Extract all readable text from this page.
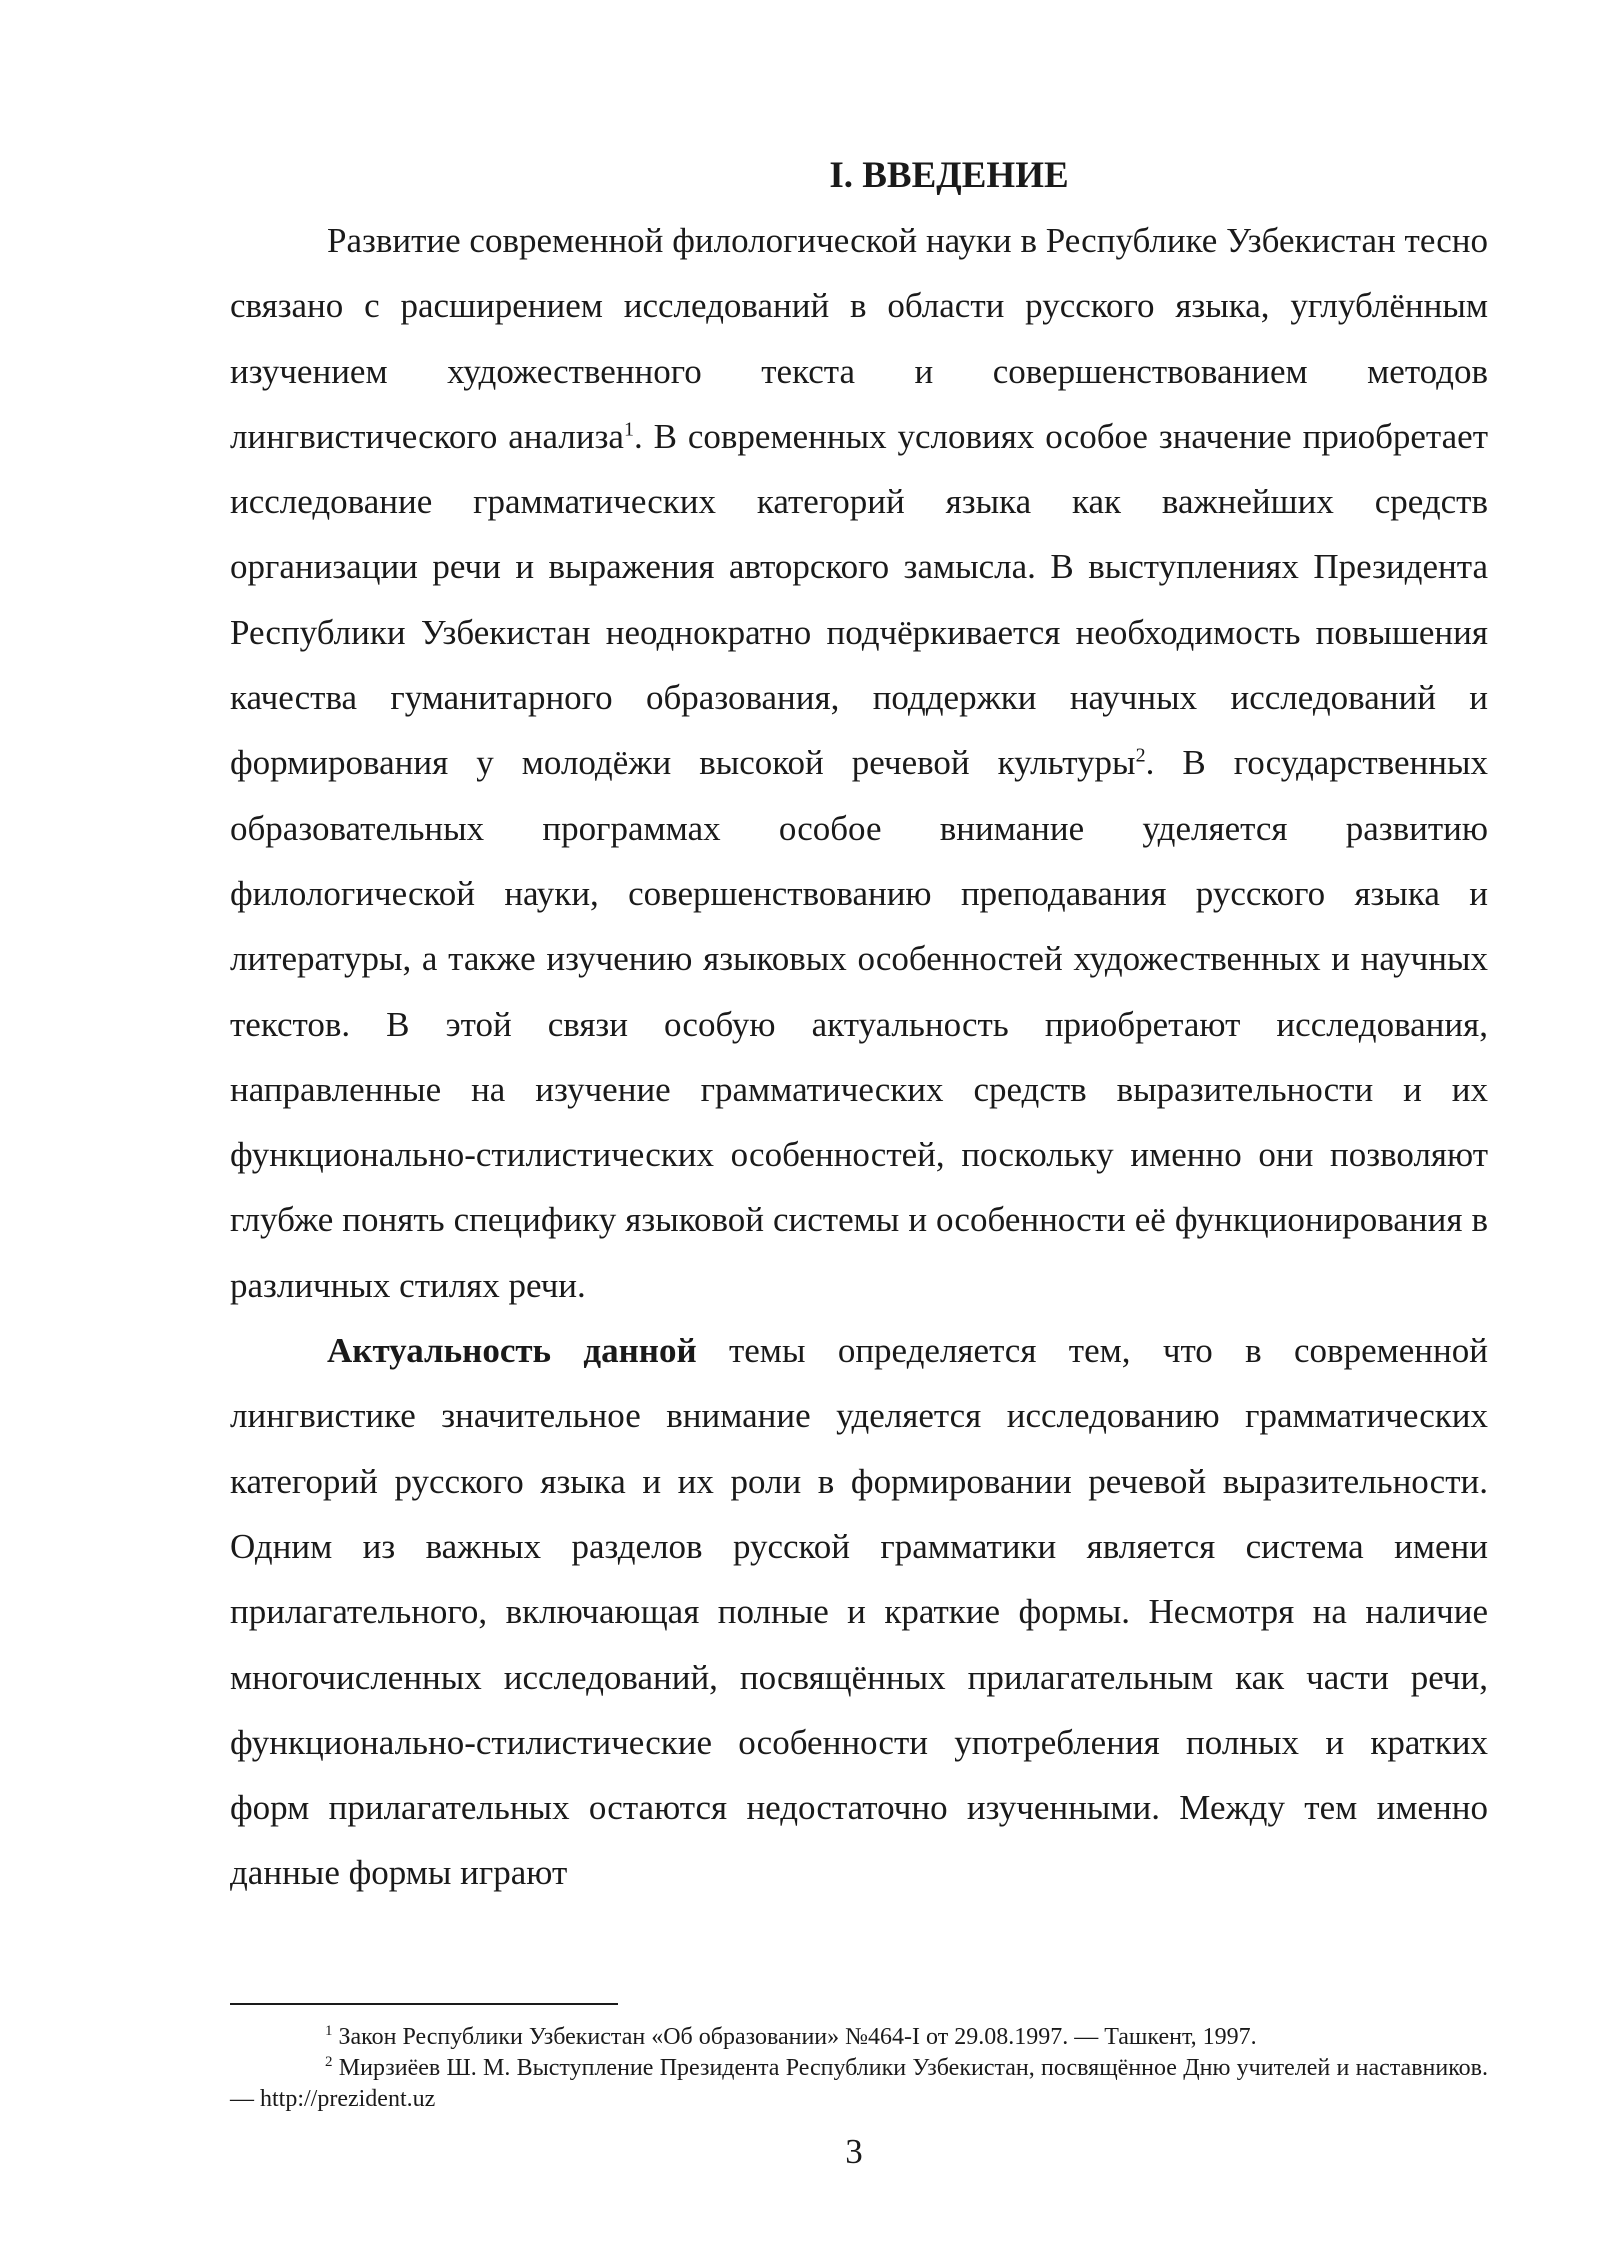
I. ВВЕДЕНИЕ

Развитие современной филологической науки в Республике Узбекистан тесно связано с расширением исследований в области русского языка, углублённым изучением художественного текста и совершенствованием методов лингвистического анализа$^1$. В современных условиях особое значение приобретает исследование грамматических категорий языка как важнейших средств организации речи и выражения авторского замысла. В выступлениях Президента Республики Узбекистан неоднократно подчёркивается необходимость повышения качества гуманитарного образования, поддержки научных исследований и формирования у молодёжи высокой речевой культуры$^2$. В государственных образовательных программах особое внимание уделяется развитию филологической науки, совершенствованию преподавания русского языка и литературы, а также изучению языковых особенностей художественных и научных текстов. В этой связи особую актуальность приобретают исследования, направленные на изучение грамматических средств выразительности и их функционально-стилистических особенностей, поскольку именно они позволяют глубже понять специфику языковой системы и особенности её функционирования в различных стилях речи.

Актуальность данной темы определяется тем, что в современной лингвистике значительное внимание уделяется исследованию грамматических категорий русского языка и их роли в формировании речевой выразительности. Одним из важных разделов русской грамматики является система имени прилагательного, включающая полные и краткие формы. Несмотря на наличие многочисленных исследований, посвящённых прилагательным как части речи, функционально-стилистические особенности употребления полных и кратких форм прилагательных остаются недостаточно изученными. Между тем именно данные формы играют

$^1$ Закон Республики Узбекистан «Об образовании» №464-I от 29.08.1997. — Ташкент, 1997.

$^2$ Мирзиёев Ш. М. Выступление Президента Республики Узбекистан, посвящённое Дню учителей и наставников. — http://prezident.uz

3
